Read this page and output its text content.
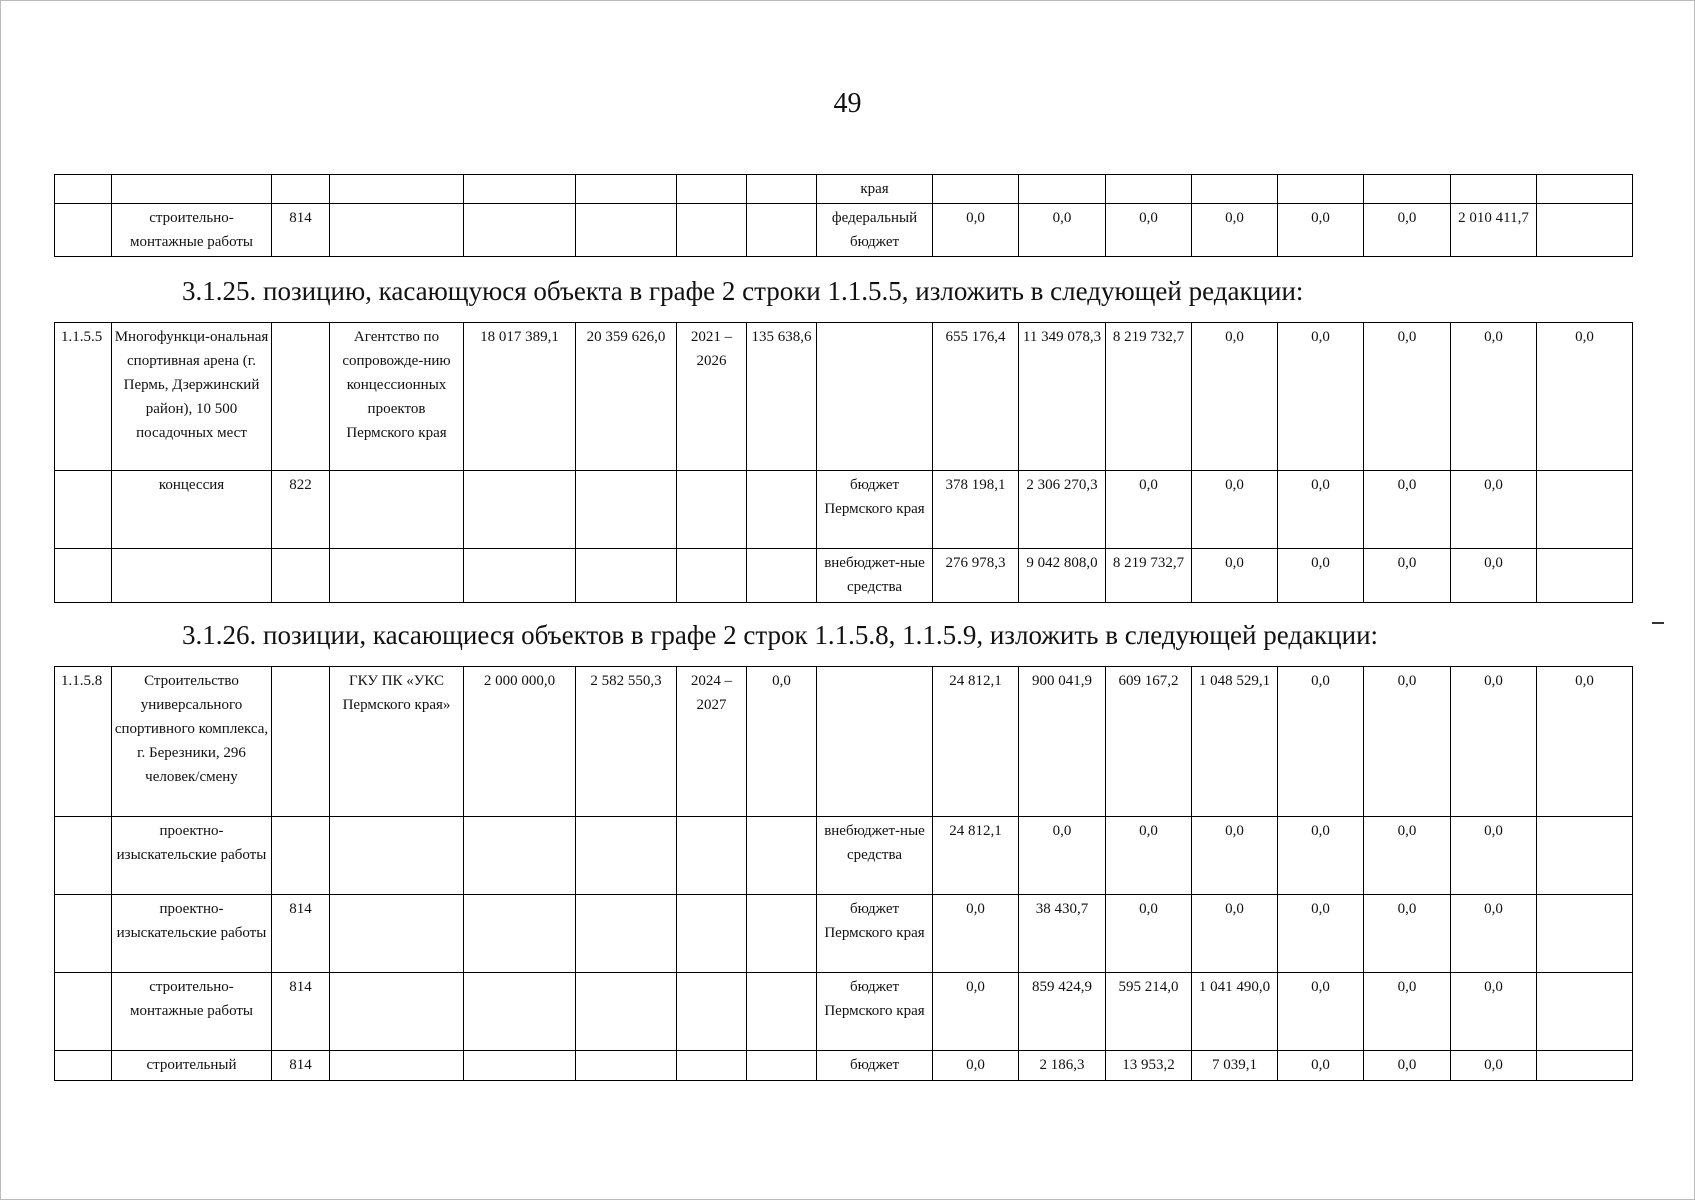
49
								края								
	строительно-монтажные работы	814						федеральный бюджет	0,0	0,0	0,0	0,0	0,0	0,0	2 010 411,7	
3.1.25. позицию, касающуюся объекта в графе 2 строки 1.1.5.5, изложить в следующей редакции:
1.1.5.5	Многофункци-ональная спортивная арена (г. Пермь, Дзержинский район), 10 500 посадочных мест		Агентство по сопровожде-нию концессионных проектов Пермского края	18 017 389,1	20 359 626,0	2021 – 2026	135 638,6		655 176,4	11 349 078,3	8 219 732,7	0,0	0,0	0,0	0,0	0,0
	концессия	822						бюджет Пермского края	378 198,1	2 306 270,3	0,0	0,0	0,0	0,0	0,0	
								внебюджет-ные средства	276 978,3	9 042 808,0	8 219 732,7	0,0	0,0	0,0	0,0	
3.1.26. позиции, касающиеся объектов в графе 2 строк 1.1.5.8, 1.1.5.9, изложить в следующей редакции:
1.1.5.8	Строительство универсального спортивного комплекса, г. Березники, 296 человек/смену		ГКУ ПК «УКС Пермского края»	2 000 000,0	2 582 550,3	2024 – 2027	0,0		24 812,1	900 041,9	609 167,2	1 048 529,1	0,0	0,0	0,0	0,0
	проектно-изыскательские работы							внебюджет-ные средства	24 812,1	0,0	0,0	0,0	0,0	0,0	0,0	
	проектно-изыскательские работы	814						бюджет Пермского края	0,0	38 430,7	0,0	0,0	0,0	0,0	0,0	
	строительно-монтажные работы	814						бюджет Пермского края	0,0	859 424,9	595 214,0	1 041 490,0	0,0	0,0	0,0	
	строительный	814						бюджет	0,0	2 186,3	13 953,2	7 039,1	0,0	0,0	0,0	
